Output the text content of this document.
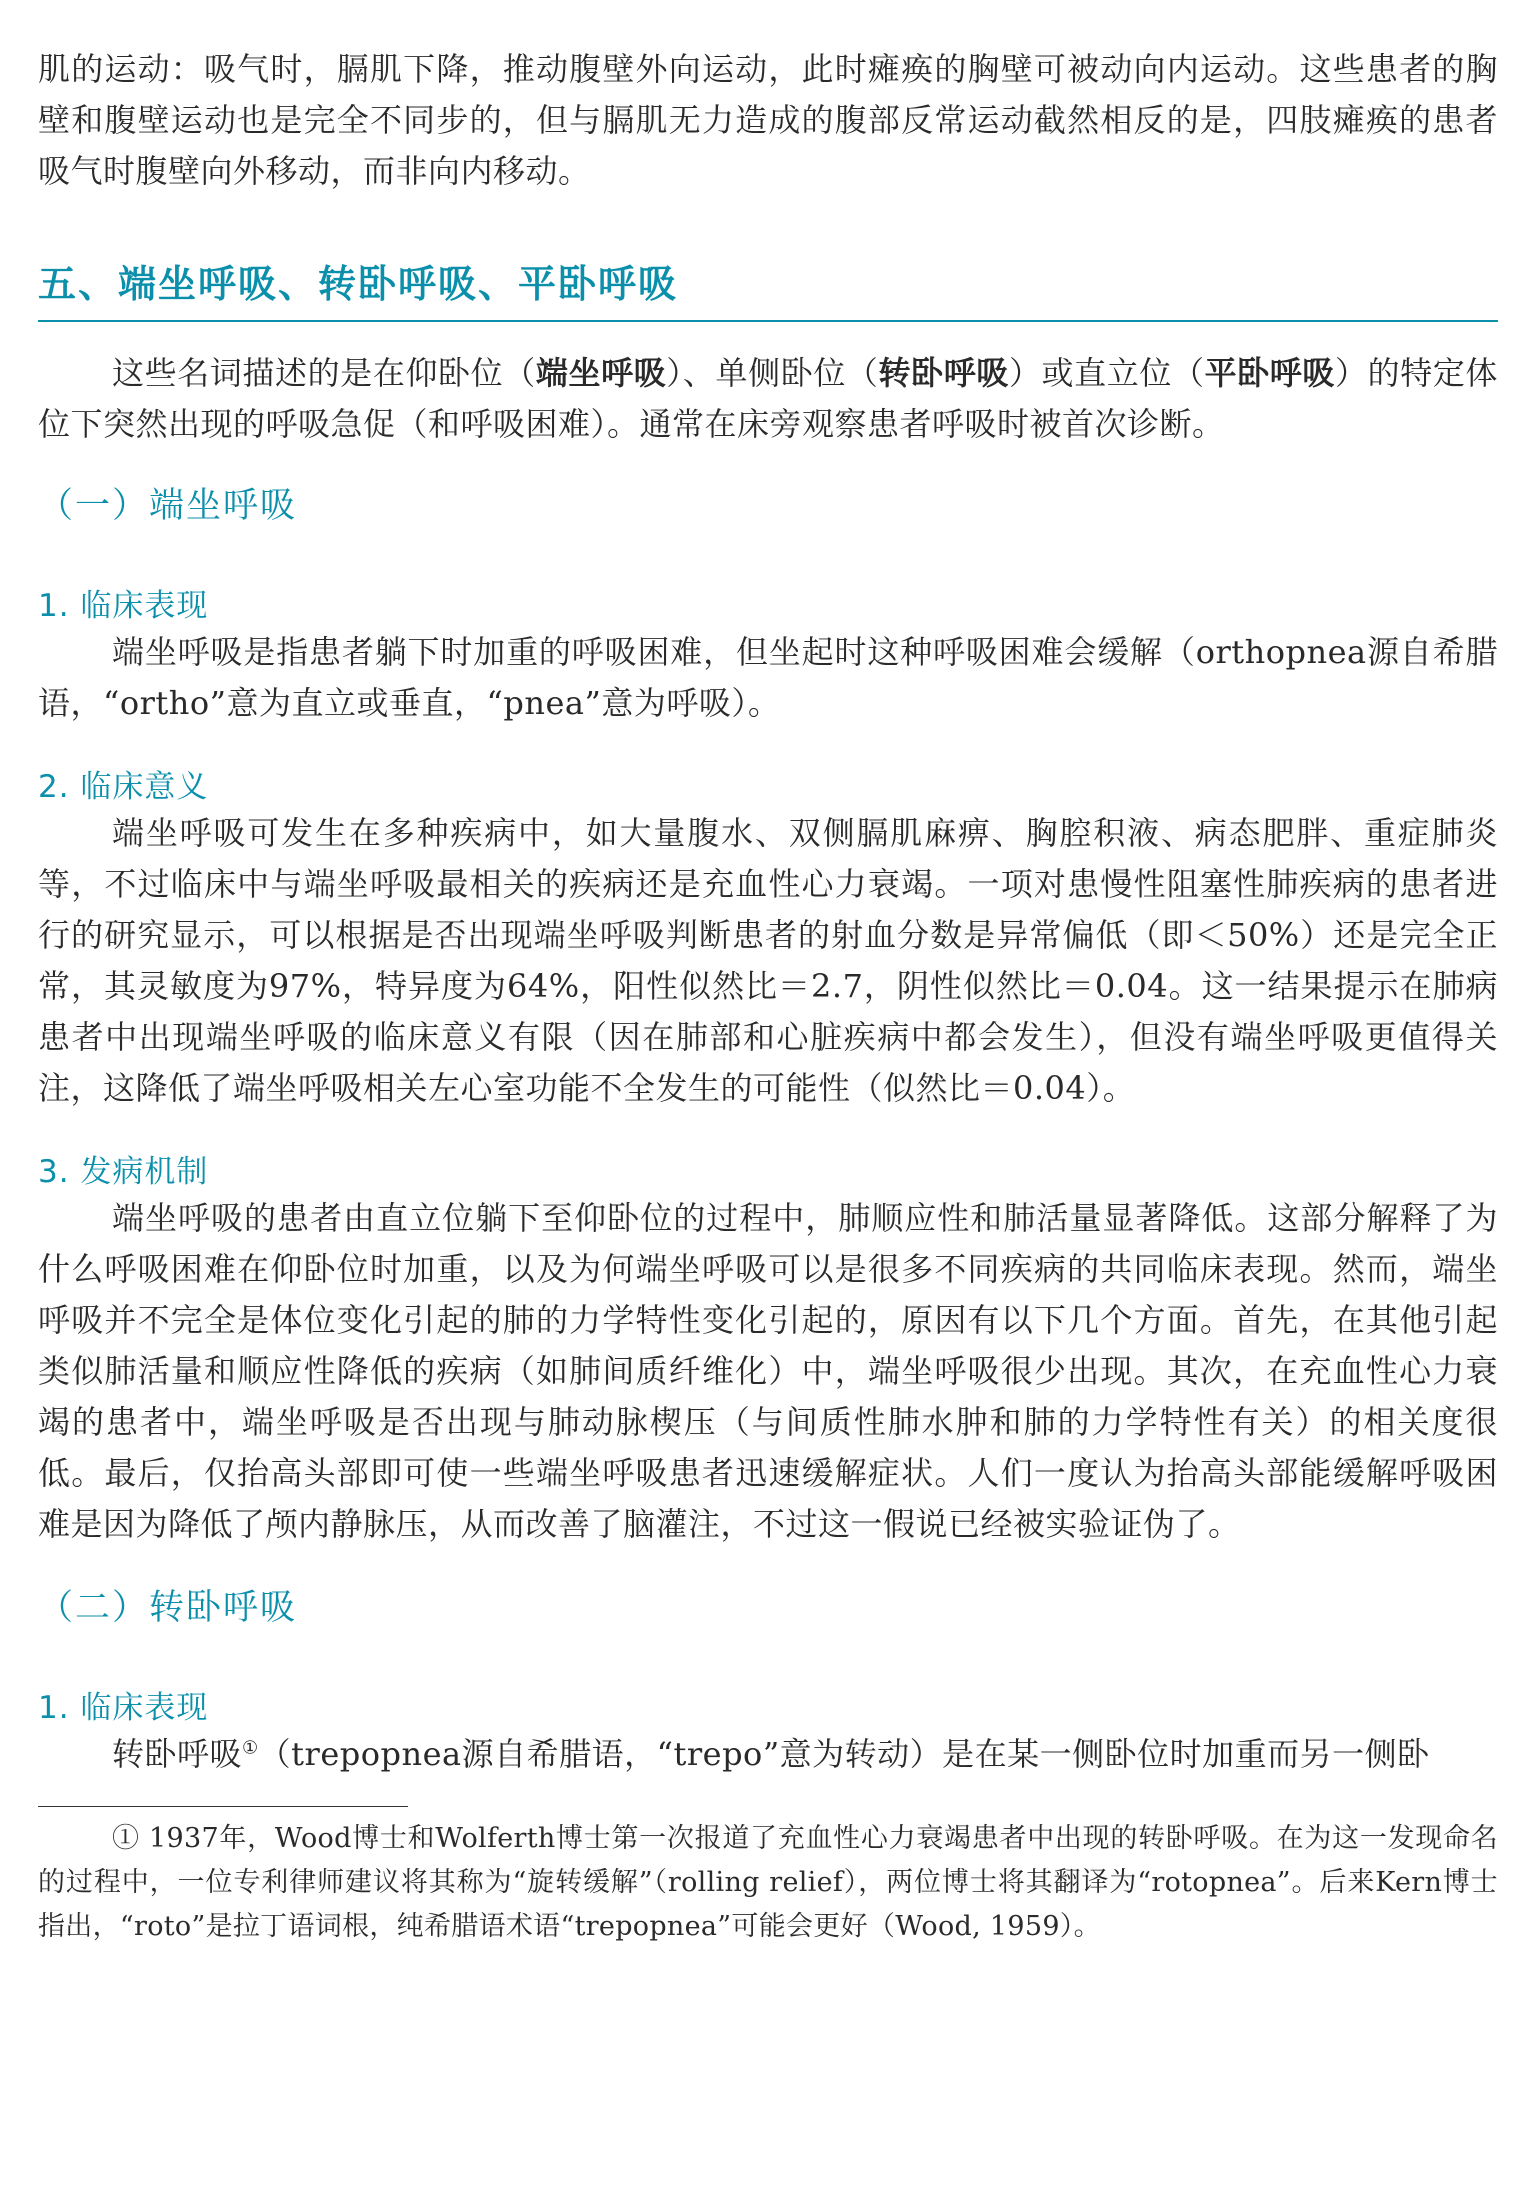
肌的运动：吸气时，膈肌下降，推动腹壁外向运动，此时瘫痪的胸壁可被动向内运动。这些患者的胸壁和腹壁运动也是完全不同步的，但与膈肌无力造成的腹部反常运动截然相反的是，四肢瘫痪的患者吸气时腹壁向外移动，而非向内移动。

五、端坐呼吸、转卧呼吸、平卧呼吸

这些名词描述的是在仰卧位（端坐呼吸）、单侧卧位（转卧呼吸）或直立位（平卧呼吸）的特定体位下突然出现的呼吸急促（和呼吸困难）。通常在床旁观察患者呼吸时被首次诊断。

（一）端坐呼吸
1. 临床表现

端坐呼吸是指患者躺下时加重的呼吸困难，但坐起时这种呼吸困难会缓解（orthopnea源自希腊语，“ortho”意为直立或垂直，“pnea”意为呼吸）。

2. 临床意义

端坐呼吸可发生在多种疾病中，如大量腹水、双侧膈肌麻痹、胸腔积液、病态肥胖、重症肺炎等，不过临床中与端坐呼吸最相关的疾病还是充血性心力衰竭。一项对患慢性阻塞性肺疾病的患者进行的研究显示，可以根据是否出现端坐呼吸判断患者的射血分数是异常偏低（即＜50%）还是完全正常，其灵敏度为97%，特异度为64%，阳性似然比＝2.7，阴性似然比＝0.04。这一结果提示在肺病患者中出现端坐呼吸的临床意义有限（因在肺部和心脏疾病中都会发生），但没有端坐呼吸更值得关注，这降低了端坐呼吸相关左心室功能不全发生的可能性（似然比＝0.04）。

3. 发病机制

端坐呼吸的患者由直立位躺下至仰卧位的过程中，肺顺应性和肺活量显著降低。这部分解释了为什么呼吸困难在仰卧位时加重，以及为何端坐呼吸可以是很多不同疾病的共同临床表现。然而，端坐呼吸并不完全是体位变化引起的肺的力学特性变化引起的，原因有以下几个方面。首先，在其他引起类似肺活量和顺应性降低的疾病（如肺间质纤维化）中，端坐呼吸很少出现。其次，在充血性心力衰竭的患者中，端坐呼吸是否出现与肺动脉楔压（与间质性肺水肿和肺的力学特性有关）的相关度很低。最后，仅抬高头部即可使一些端坐呼吸患者迅速缓解症状。人们一度认为抬高头部能缓解呼吸困难是因为降低了颅内静脉压，从而改善了脑灌注，不过这一假说已经被实验证伪了。

（二）转卧呼吸
1. 临床表现

转卧呼吸①（trepopnea源自希腊语，“trepo”意为转动）是在某一侧卧位时加重而另一侧卧

① 1937年，Wood博士和Wolferth博士第一次报道了充血性心力衰竭患者中出现的转卧呼吸。在为这一发现命名的过程中，一位专利律师建议将其称为“旋转缓解”（rolling relief），两位博士将其翻译为“rotopnea”。后来Kern博士指出，“roto”是拉丁语词根，纯希腊语术语“trepopnea”可能会更好（Wood, 1959）。
